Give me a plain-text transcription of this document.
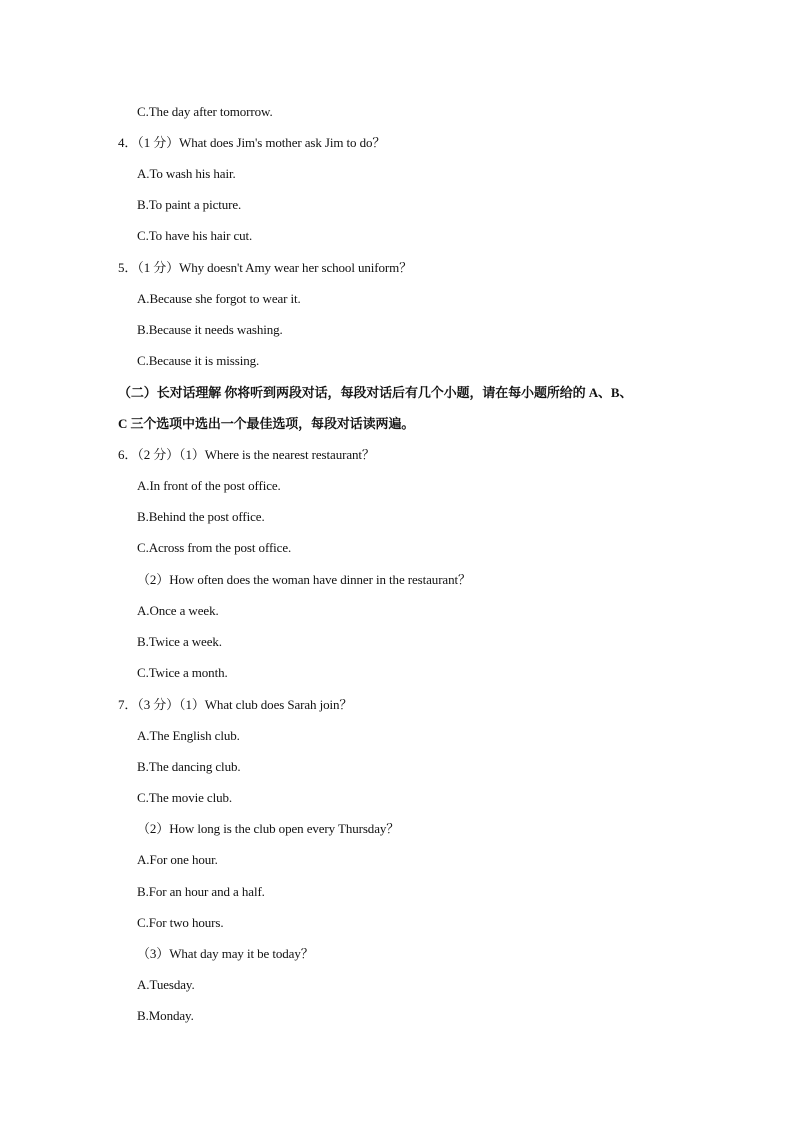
C.The day after tomorrow.
4．（1 分）What does Jim's mother ask Jim to do？
A.To wash his hair.
B.To paint a picture.
C.To have his hair cut.
5．（1 分）Why doesn't Amy wear her school uniform？
A.Because she forgot to wear it.
B.Because it needs washing.
C.Because it is missing.
（二）长对话理解 你将听到两段对话，每段对话后有几个小题，请在每小题所给的 A、B、
C 三个选项中选出一个最佳选项，每段对话读两遍。
6．（2 分）（1）Where is the nearest restaurant？
A.In front of the post office.
B.Behind the post office.
C.Across from the post office.
（2）How often does the woman have dinner in the restaurant？
A.Once a week.
B.Twice a week.
C.Twice a month.
7．（3 分）（1）What club does Sarah join？
A.The English club.
B.The dancing club.
C.The movie club.
（2）How long is the club open every Thursday？
A.For one hour.
B.For an hour and a half.
C.For two hours.
（3）What day may it be today？
A.Tuesday.
B.Monday.
